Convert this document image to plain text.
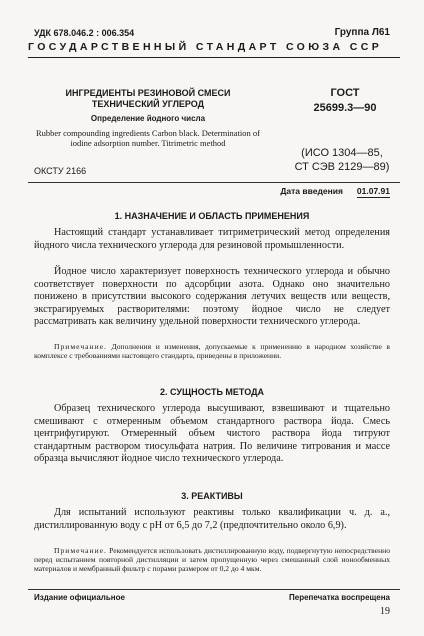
УДК 678.046.2 : 006.354	Группа Л61
ГОСУДАРСТВЕННЫЙ СТАНДАРТ СОЮЗА ССР
ИНГРЕДИЕНТЫ РЕЗИНОВОЙ СМЕСИ ТЕХНИЧЕСКИЙ УГЛЕРОД
Определение йодного числа
Rubber compounding ingredients Carbon black. Determination of iodine adsorption number. Titrimetric method
ГОСТ
25699.3—90
(ИСО 1304—85,
СТ СЭВ 2129—89)
ОКСТУ 2166
Дата введения 01.07.91
1. НАЗНАЧЕНИЕ И ОБЛАСТЬ ПРИМЕНЕНИЯ
Настоящий стандарт устанавливает титриметрический метод определения йодного числа технического углерода для резиновой промышленности.
Йодное число характеризует поверхность технического углерода и обычно соответствует поверхности по адсорбции азота. Однако оно значительно понижено в присутствии высокого содержания летучих веществ или веществ, экстрагируемых растворителями: поэтому йодное число не следует рассматривать как величину удельной поверхности технического углерода.
Примечание. Дополнения и изменения, допускаемые к применению в народном хозяйстве в комплексе с требованиями настоящего стандарта, приведены в приложении.
2. СУЩНОСТЬ МЕТОДА
Образец технического углерода высушивают, взвешивают и тщательно смешивают с отмеренным объемом стандартного раствора йода. Смесь центрифугируют. Отмеренный объем чистого раствора йода титруют стандартным раствором тиосульфата натрия. По величине титрования и массе образца вычисляют йодное число технического углерода.
3. РЕАКТИВЫ
Для испытаний используют реактивы только квалификации ч. д. а., дистиллированную воду с pH от 6,5 до 7,2 (предпочтительно около 6,9).
Примечание. Рекомендуется использовать дистиллированную воду, подвергнутую непосредственно перед испытанием повторной дистилляции и затем пропущенную через смешанный слой ионообменных материалов и мембранный фильтр с порами размером от 0,2 до 4 мкм.
Издание официальное	Перепечатка воспрещена
19
